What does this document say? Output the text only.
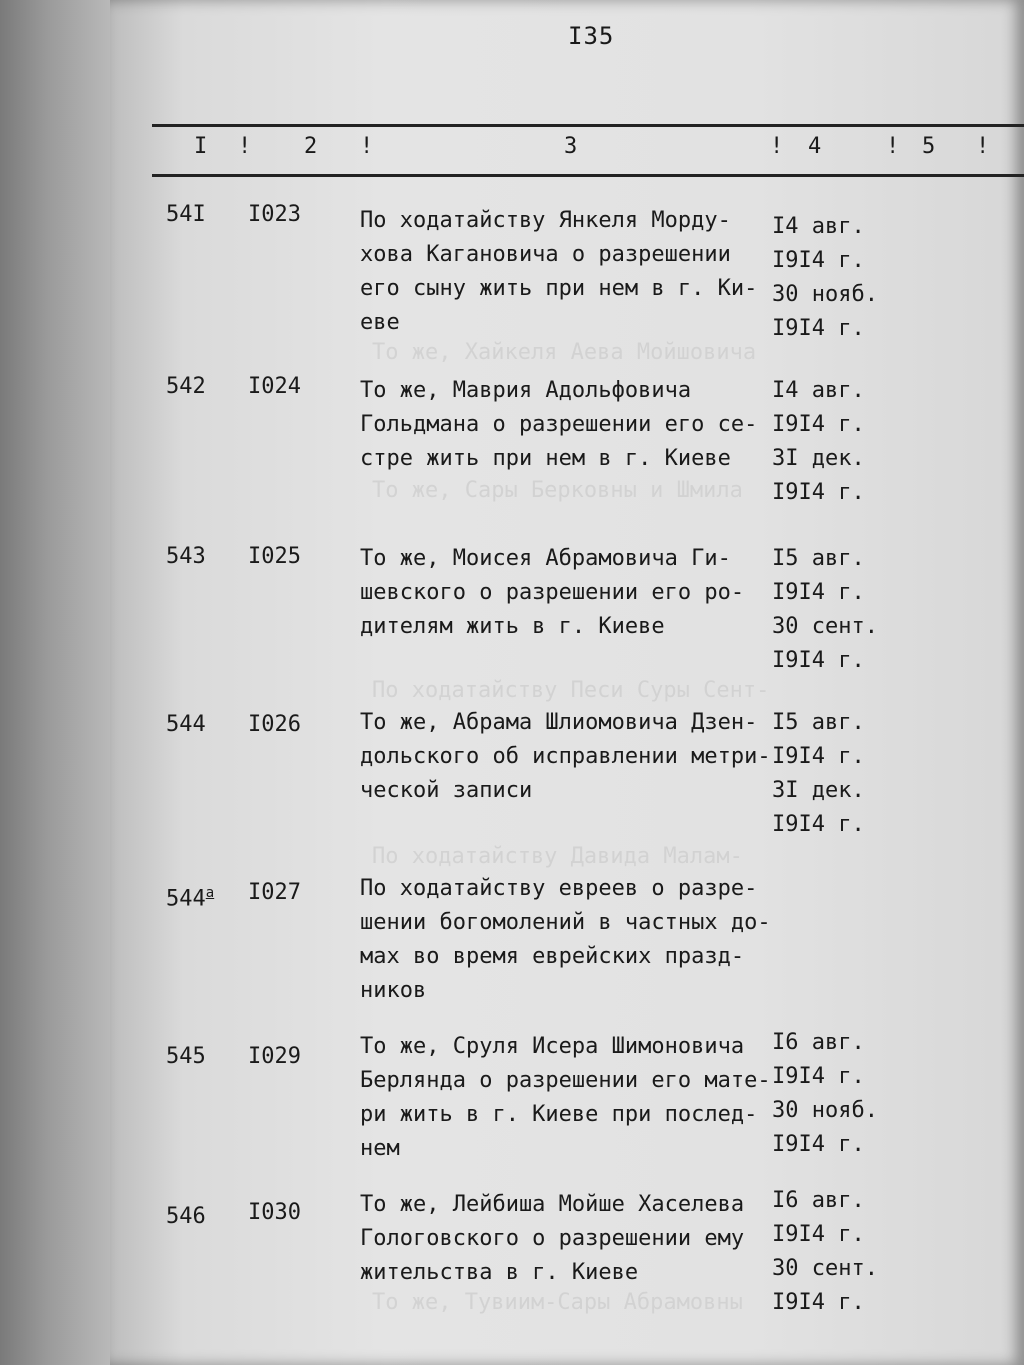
I35
I ! 2 !	3	! 4	! 5 !
То же, Хайкеля Аева Мойшовича
То же, Сары Берковны и Шмила
По ходатайству Песи Суры Сент-
По ходатайству Давида Малам-
То же, Тувиим-Сары Абрамовны
54I I023	По ходатайству Янкеля Морду-
хова Кагановича о разрешении
его сыну жить при нем в г. Ки-
еве
I4 авг.
I9I4 г.
30 нояб.
I9I4 г.
542 I024	То же, Маврия Адольфовича
Гольдмана о разрешении его се-
стре жить при нем в г. Киеве
I4 авг.
I9I4 г.
3I дек.
I9I4 г.
543 I025	То же, Моисея Абрамовича Ги-
шевского о разрешении его ро-
дителям жить в г. Киеве
I5 авг.
I9I4 г.
30 сент.
I9I4 г.
544 I026	То же, Абрама Шлиомовича Дзен-
дольского об исправлении метри-
ческой записи
I5 авг.
I9I4 г.
3I дек.
I9I4 г.
$544^а$ I027	По ходатайству евреев о разре-
шении богомолений в частных до-
мах во время еврейских празд-
ников
545 I029	То же, Сруля Исера Шимоновича
Берлянда о разрешении его мате-
ри жить в г. Киеве при послед-
нем
I6 авг.
I9I4 г.
30 нояб.
I9I4 г.
546 I030	То же, Лейбиша Мойше Хаселева
Гологовского о разрешении ему
жительства в г. Киеве
I6 авг.
I9I4 г.
30 сент.
I9I4 г.
